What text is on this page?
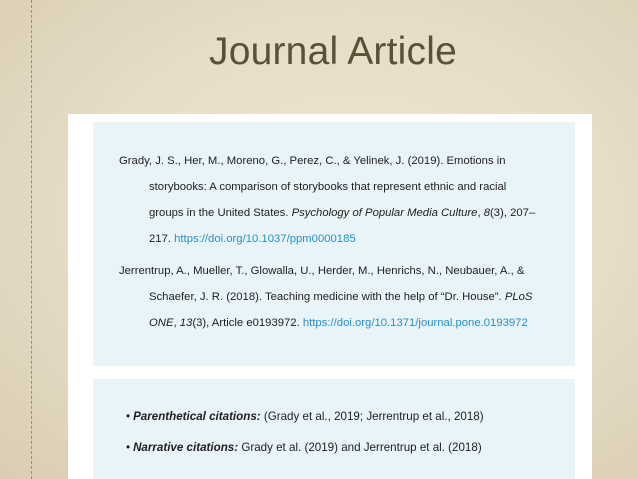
Journal Article
Grady, J. S., Her, M., Moreno, G., Perez, C., & Yelinek, J. (2019). Emotions in
storybooks: A comparison of storybooks that represent ethnic and racial
groups in the United States. Psychology of Popular Media Culture, 8(3), 207–
217. https://doi.org/10.1037/ppm0000185
Jerrentrup, A., Mueller, T., Glowalla, U., Herder, M., Henrichs, N., Neubauer, A., &
Schaefer, J. R. (2018). Teaching medicine with the help of “Dr. House”. PLoS
ONE, 13(3), Article e0193972. https://doi.org/10.1371/journal.pone.0193972
• Parenthetical citations: (Grady et al., 2019; Jerrentrup et al., 2018)
• Narrative citations: Grady et al. (2019) and Jerrentrup et al. (2018)
